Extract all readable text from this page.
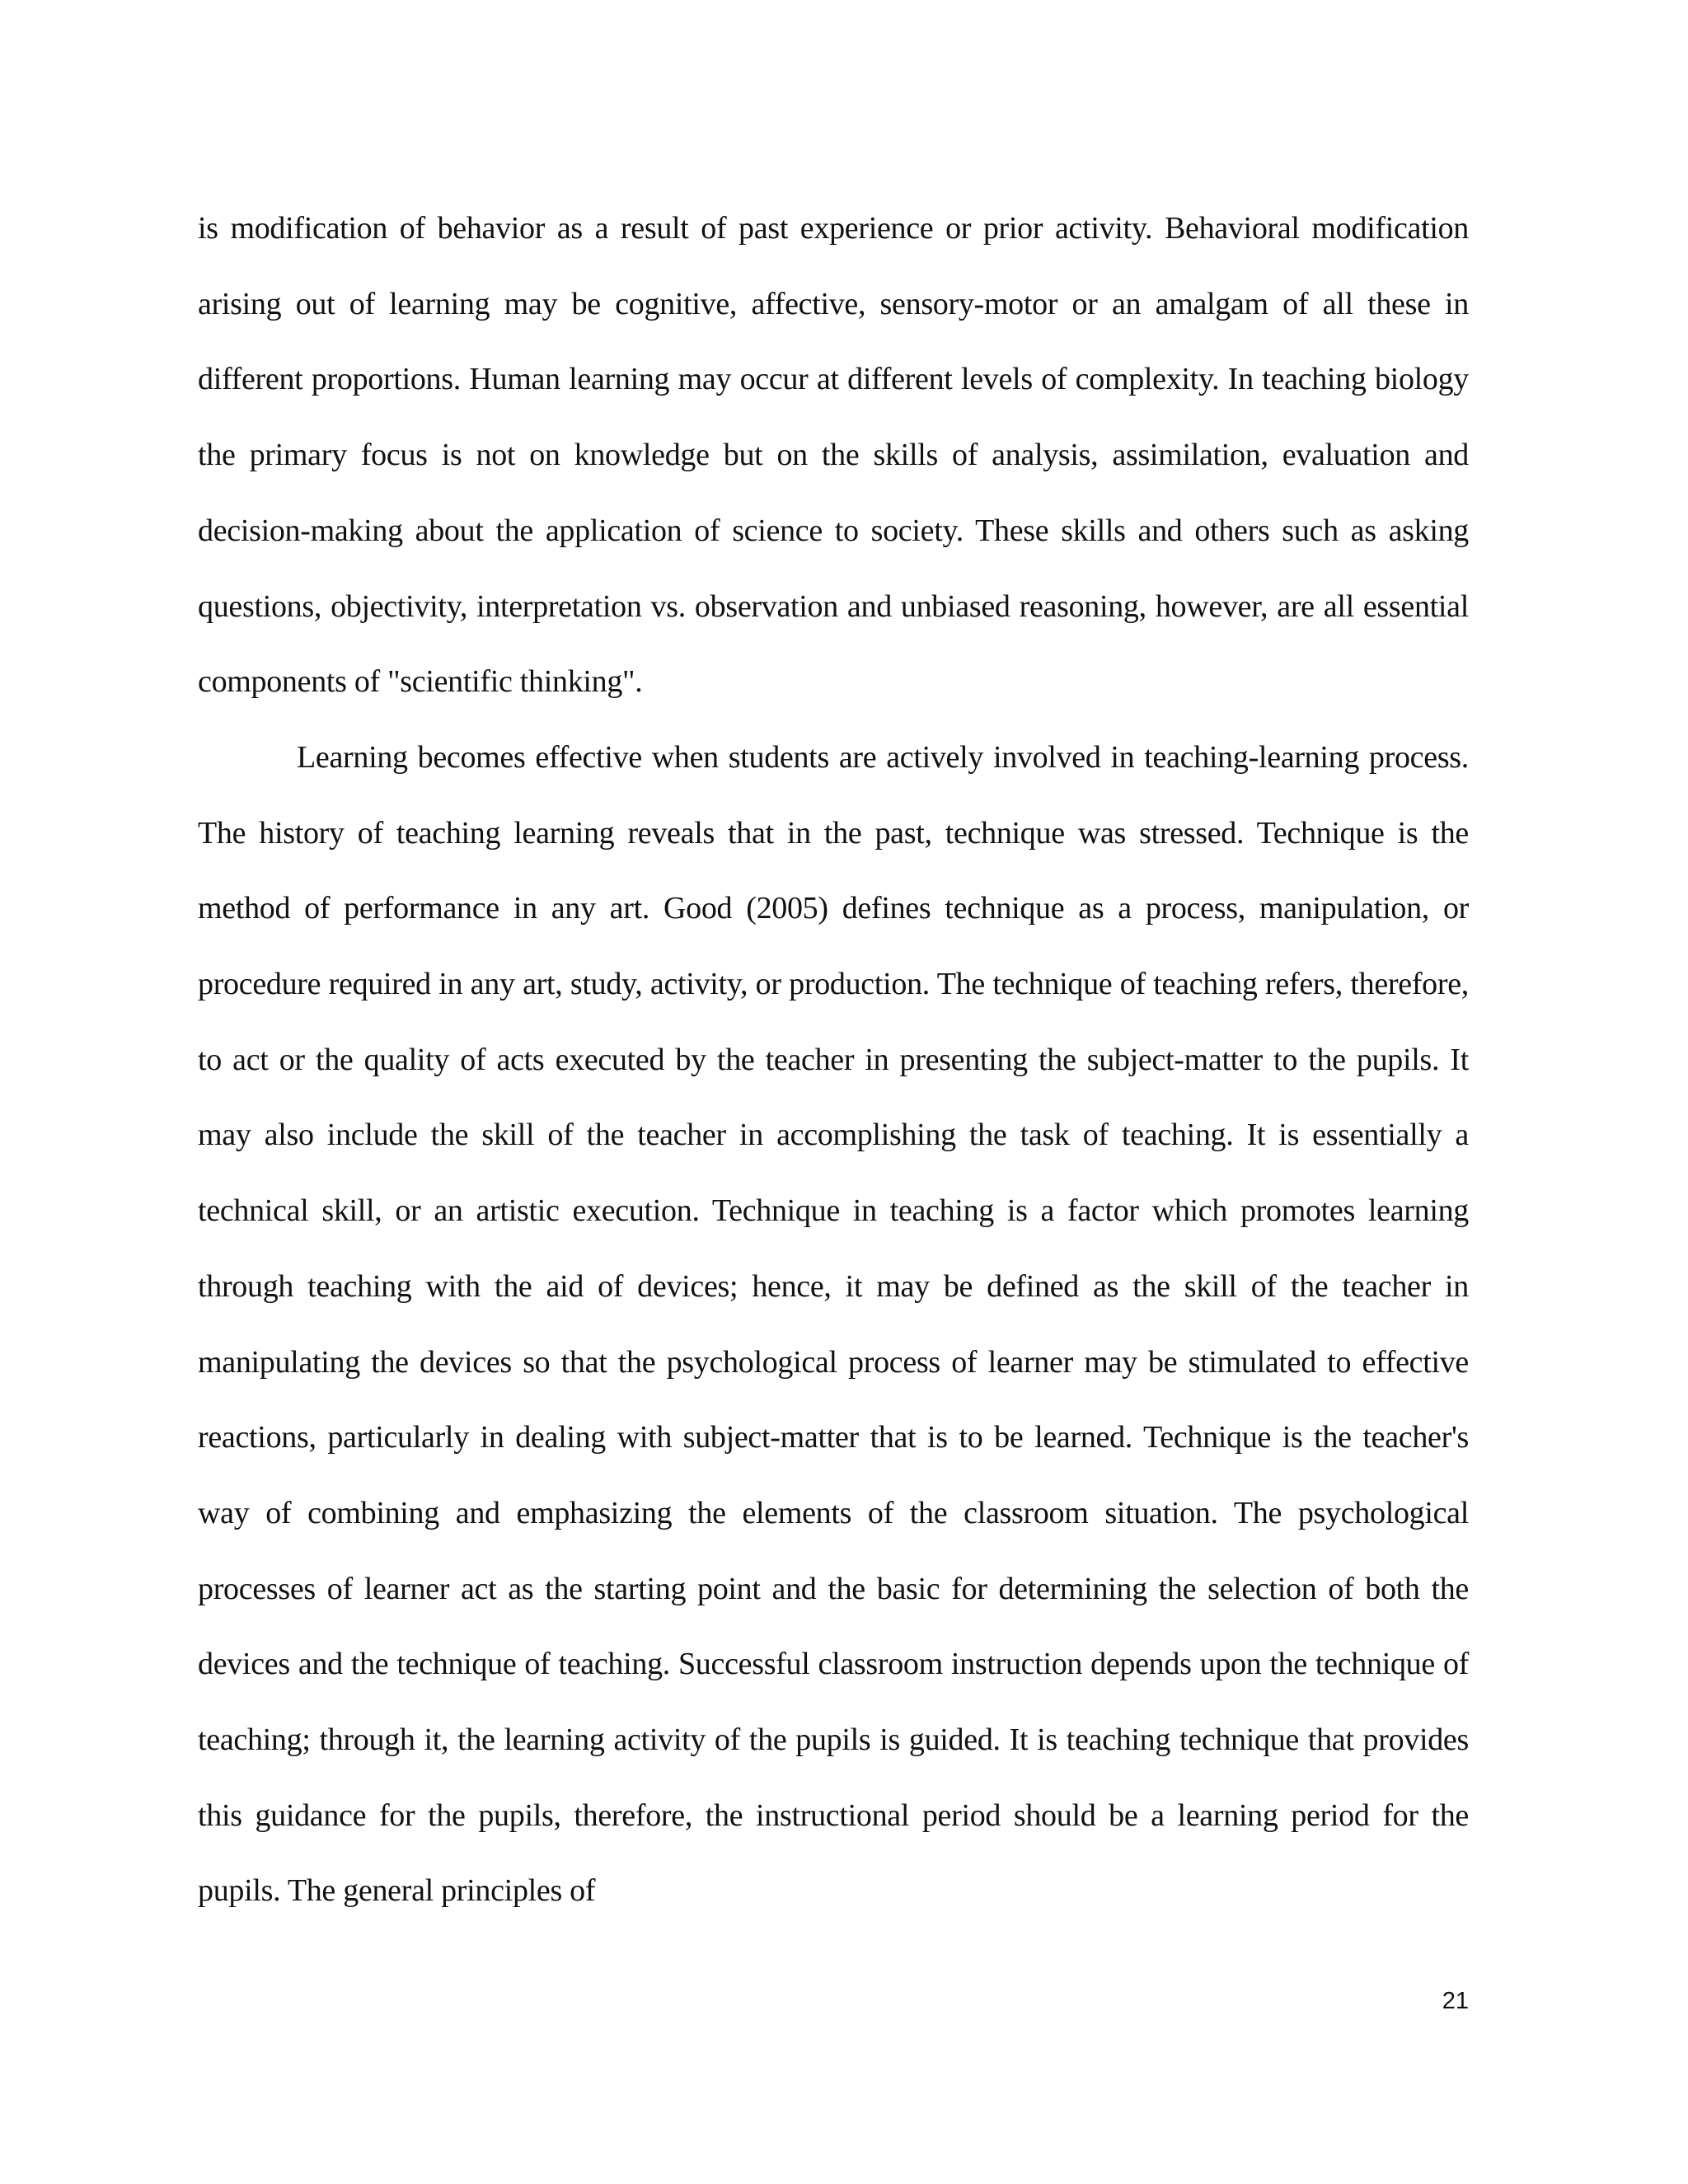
is modification of behavior as a result of past experience or prior activity. Behavioral modification arising out of learning may be cognitive, affective, sensory-motor or an amalgam of all these in different proportions. Human learning may occur at different levels of complexity. In teaching biology the primary focus is not on knowledge but on the skills of analysis, assimilation, evaluation and decision-making about the application of science to society. These skills and others such as asking questions, objectivity, interpretation vs. observation and unbiased reasoning, however, are all essential components of "scientific thinking".

Learning becomes effective when students are actively involved in teaching-learning process. The history of teaching learning reveals that in the past, technique was stressed. Technique is the method of performance in any art. Good (2005) defines technique as a process, manipulation, or procedure required in any art, study, activity, or production. The technique of teaching refers, therefore, to act or the quality of acts executed by the teacher in presenting the subject-matter to the pupils. It may also include the skill of the teacher in accomplishing the task of teaching. It is essentially a technical skill, or an artistic execution. Technique in teaching is a factor which promotes learning through teaching with the aid of devices; hence, it may be defined as the skill of the teacher in manipulating the devices so that the psychological process of learner may be stimulated to effective reactions, particularly in dealing with subject-matter that is to be learned. Technique is the teacher's way of combining and emphasizing the elements of the classroom situation. The psychological processes of learner act as the starting point and the basic for determining the selection of both the devices and the technique of teaching. Successful classroom instruction depends upon the technique of teaching; through it, the learning activity of the pupils is guided. It is teaching technique that provides this guidance for the pupils, therefore, the instructional period should be a learning period for the pupils. The general principles of

21
